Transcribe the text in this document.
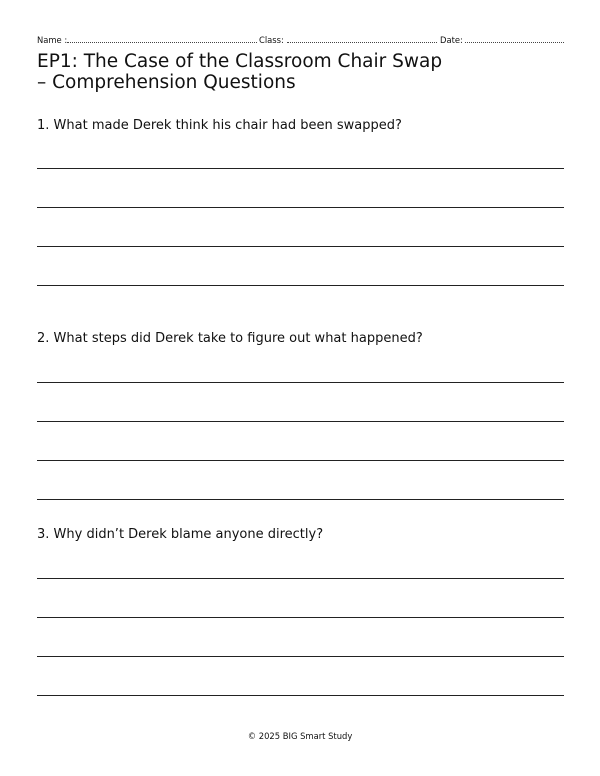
Name :	Class:	Date:
EP1: The Case of the Classroom Chair Swap
– Comprehension Questions
1. What made Derek think his chair had been swapped?
2. What steps did Derek take to figure out what happened?
3. Why didn’t Derek blame anyone directly?
© 2025 BIG Smart Study
